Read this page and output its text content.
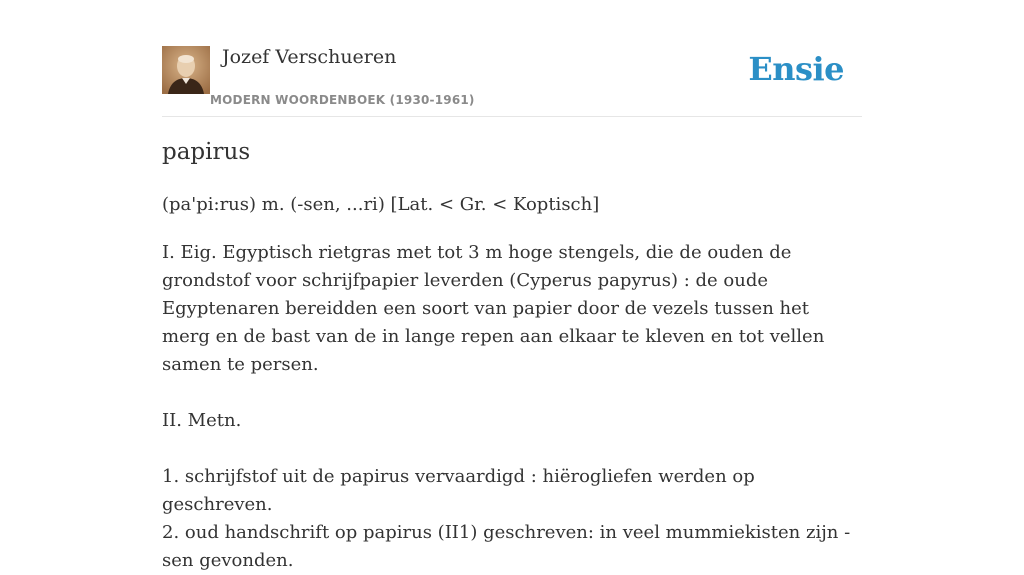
Jozef Verschueren
MODERN WOORDENBOEK (1930-1961)
Ensie
papirus

(pa'pi:rus) m. (-sen, ...ri) [Lat. < Gr. < Koptisch]

I. Eig. Egyptisch rietgras met tot 3 m hoge stengels, die de ouden de grondstof voor schrijfpapier leverden (Cyperus papyrus) : de oude Egyptenaren bereidden een soort van papier door de vezels tussen het merg en de bast van de in lange repen aan elkaar te kleven en tot vellen samen te persen.

II. Metn.

1. schrijfstof uit de papirus vervaardigd : hiërogliefen werden op geschreven.

2. oud handschrift op papirus (II1) geschreven: in veel mummiekisten zijn -sen gevonden.
